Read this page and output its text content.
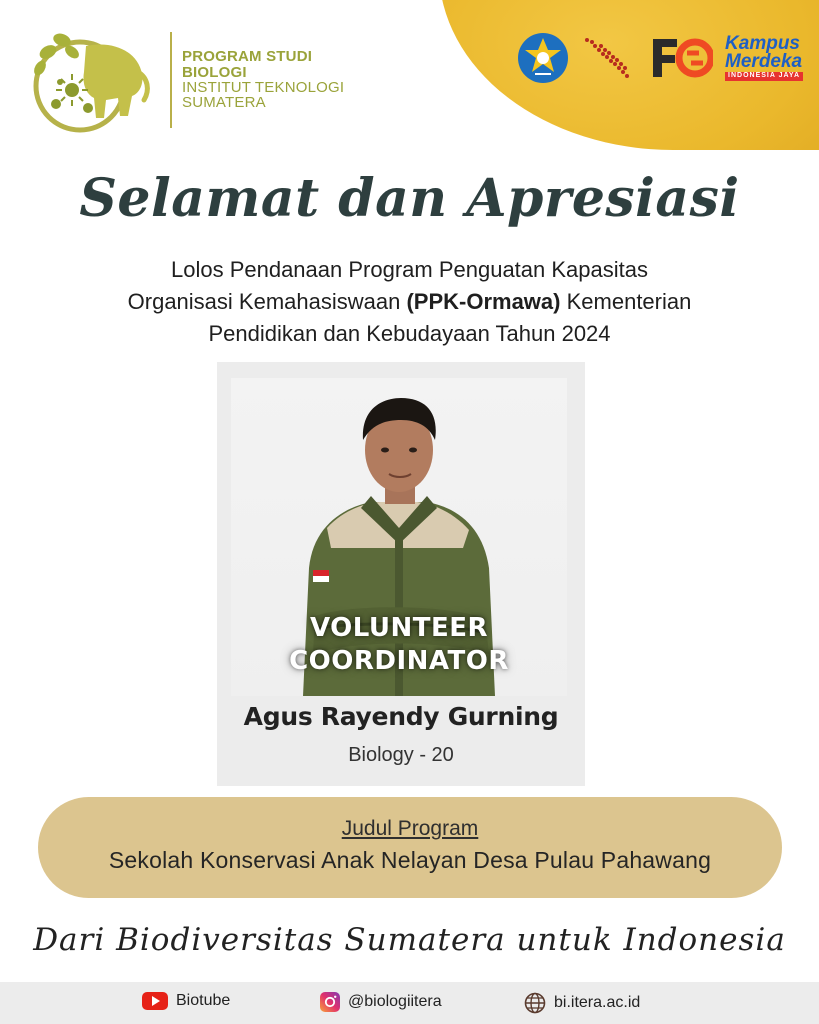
PROGRAM STUDI
BIOLOGI
INSTITUT TEKNOLOGI
SUMATERA
Kampus
Merdeka
INDONESIA JAYA
Selamat dan Apresiasi
Lolos Pendanaan Program Penguatan Kapasitas
Organisasi Kemahasiswaan (PPK-Ormawa) Kementerian
Pendidikan dan Kebudayaan Tahun 2024
VOLUNTEER
COORDINATOR
Agus Rayendy Gurning
Biology - 20
Judul Program
Sekolah Konservasi Anak Nelayan Desa Pulau Pahawang
Dari Biodiversitas Sumatera untuk Indonesia
Biotube	@biologiitera	bi.itera.ac.id
